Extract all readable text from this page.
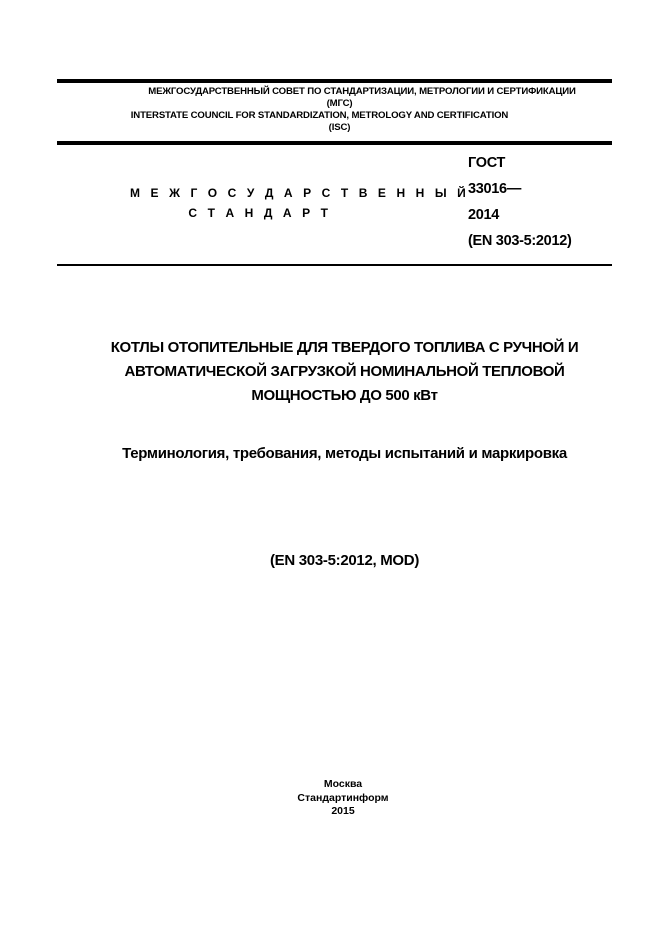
МЕЖГОСУДАРСТВЕННЫЙ СОВЕТ ПО СТАНДАРТИЗАЦИИ, МЕТРОЛОГИИ И СЕРТИФИКАЦИИ
(МГС)
INTERSTATE COUNCIL FOR STANDARDIZATION, METROLOGY AND CERTIFICATION
(ISC)
М Е Ж Г О С У Д А Р С Т В Е Н Н Ы Й
С Т А Н Д А Р Т
ГОСТ
33016—
2014
(EN 303-5:2012)
КОТЛЫ ОТОПИТЕЛЬНЫЕ ДЛЯ ТВЕРДОГО ТОПЛИВА С РУЧНОЙ И
АВТОМАТИЧЕСКОЙ ЗАГРУЗКОЙ НОМИНАЛЬНОЙ ТЕПЛОВОЙ
МОЩНОСТЬЮ ДО 500 кВт
Терминология, требования, методы испытаний и маркировка
(EN 303-5:2012, MOD)
Москва
Стандартинформ
2015
